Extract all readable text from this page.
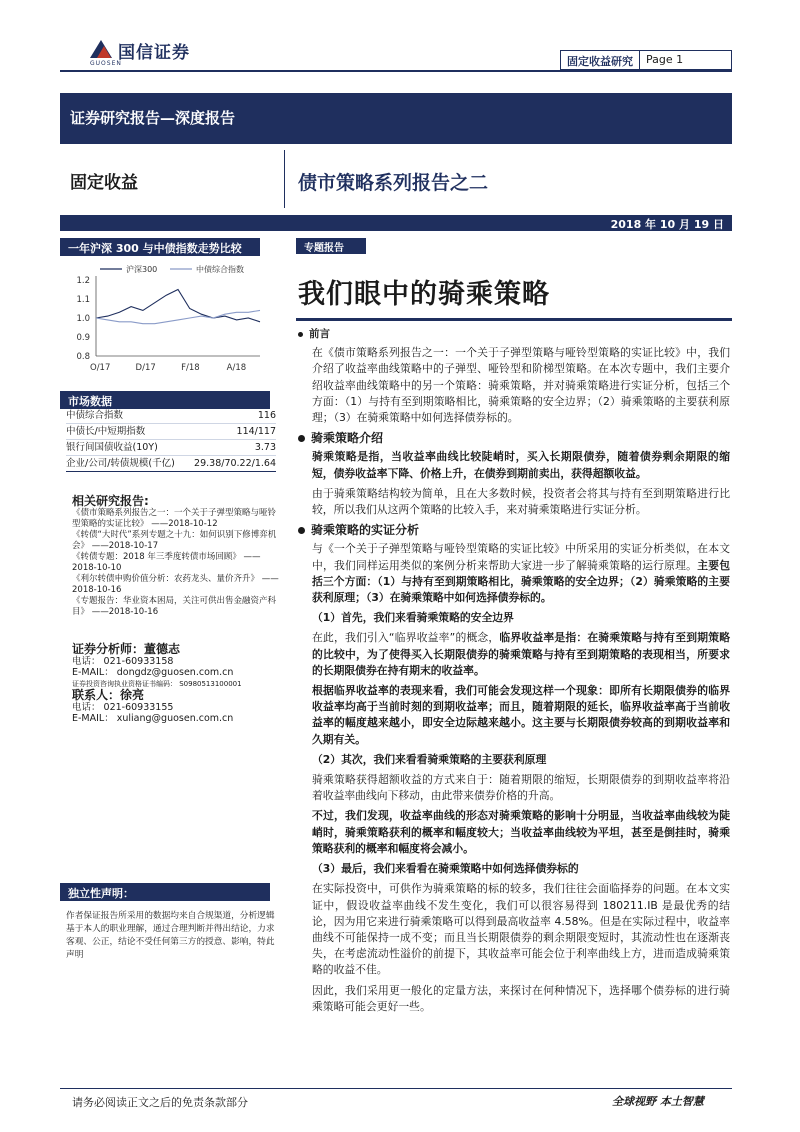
国信证券
GUOSEN	固定收益研究	Page 1
证券研究报告—深度报告
固定收益	债市策略系列报告之二
2018 年 10 月 19 日
一年沪深 300 与中债指数走势比较
沪深300	中债综合指数
1.2
1.1
1.0
0.9
0.8
O/17	D/17	F/18	A/18
市场数据
中债综合指数	116
中债长/中短期指数	114/117
银行间国债收益(10Y)	3.73
企业/公司/转债规模(千亿) 29.38/70.22/1.64
相关研究报告:
《债市策略系列报告之一：一个关于子弹型策略与哑铃型策略的实证比较》 ——2018-10-12
《转债“大时代”系列专题之十九：如何识别下修博弈机会》 ——2018-10-17
《转债专题：2018 年三季度转债市场回顾》 ——2018-10-10
《利尔转债申购价值分析：农药龙头、量价齐升》 ——2018-10-16
《专题报告：华业资本困局，关注可供出售金融资产科目》 ——2018-10-16
证券分析师：董德志
电话： 021-60933158
E-MAIL： dongdz@guosen.com.cn
证券投资咨询执业资格证书编码： S0980513100001
联系人：徐亮
电话： 021-60933155
E-MAIL： xuliang@guosen.com.cn
独立性声明：
作者保证报告所采用的数据均来自合规渠道，分析逻辑基于本人的职业理解，通过合理判断并得出结论，力求客观、公正，结论不受任何第三方的授意、影响，特此声明
专题报告
我们眼中的骑乘策略
前言

在《债市策略系列报告之一：一个关于子弹型策略与哑铃型策略的实证比较》中，我们介绍了收益率曲线策略中的子弹型、哑铃型和阶梯型策略。在本次专题中，我们主要介绍收益率曲线策略中的另一个策略：骑乘策略，并对骑乘策略进行实证分析，包括三个方面：（1）与持有至到期策略相比，骑乘策略的安全边界；（2）骑乘策略的主要获利原理；（3）在骑乘策略中如何选择债券标的。

骑乘策略介绍

骑乘策略是指，当收益率曲线比较陡峭时，买入长期限债券，随着债券剩余期限的缩短，债券收益率下降、价格上升，在债券到期前卖出，获得超额收益。

由于骑乘策略结构较为简单，且在大多数时候，投资者会将其与持有至到期策略进行比较，所以我们从这两个策略的比较入手，来对骑乘策略进行实证分析。

骑乘策略的实证分析

与《一个关于子弹型策略与哑铃型策略的实证比较》中所采用的实证分析类似，在本文中，我们同样运用类似的案例分析来帮助大家进一步了解骑乘策略的运行原理。主要包括三个方面：（1）与持有至到期策略相比，骑乘策略的安全边界；（2）骑乘策略的主要获利原理；（3）在骑乘策略中如何选择债券标的。

（1）首先，我们来看骑乘策略的安全边界

在此，我们引入“临界收益率”的概念，临界收益率是指：在骑乘策略与持有至到期策略的比较中，为了使得买入长期限债券的骑乘策略与持有至到期策略的表现相当，所要求的长期限债券在持有期末的收益率。

根据临界收益率的表现来看，我们可能会发现这样一个现象：即所有长期限债券的临界收益率均高于当前时刻的到期收益率；而且，随着期限的延长，临界收益率高于当前收益率的幅度越来越小，即安全边际越来越小。这主要与长期限债券较高的到期收益率和久期有关。

（2）其次，我们来看看骑乘策略的主要获利原理

骑乘策略获得超额收益的方式来自于：随着期限的缩短，长期限债券的到期收益率将沿着收益率曲线向下移动，由此带来债券价格的升高。

不过，我们发现，收益率曲线的形态对骑乘策略的影响十分明显，当收益率曲线较为陡峭时，骑乘策略获利的概率和幅度较大；当收益率曲线较为平坦，甚至是倒挂时，骑乘策略获利的概率和幅度将会减小。

（3）最后，我们来看看在骑乘策略中如何选择债券标的

在实际投资中，可供作为骑乘策略的标的较多，我们往往会面临择券的问题。在本文实证中，假设收益率曲线不发生变化，我们可以很容易得到 180211.IB 是最优秀的结论，因为用它来进行骑乘策略可以得到最高收益率 4.58%。但是在实际过程中，收益率曲线不可能保持一成不变；而且当长期限债券的剩余期限变短时，其流动性也在逐渐丧失，在考虑流动性溢价的前提下，其收益率可能会位于利率曲线上方，进而造成骑乘策略的收益不佳。

因此，我们采用更一般化的定量方法，来探讨在何种情况下，选择哪个债券标的进行骑乘策略可能会更好一些。

请务必阅读正文之后的免责条款部分	全球视野 本土智慧
